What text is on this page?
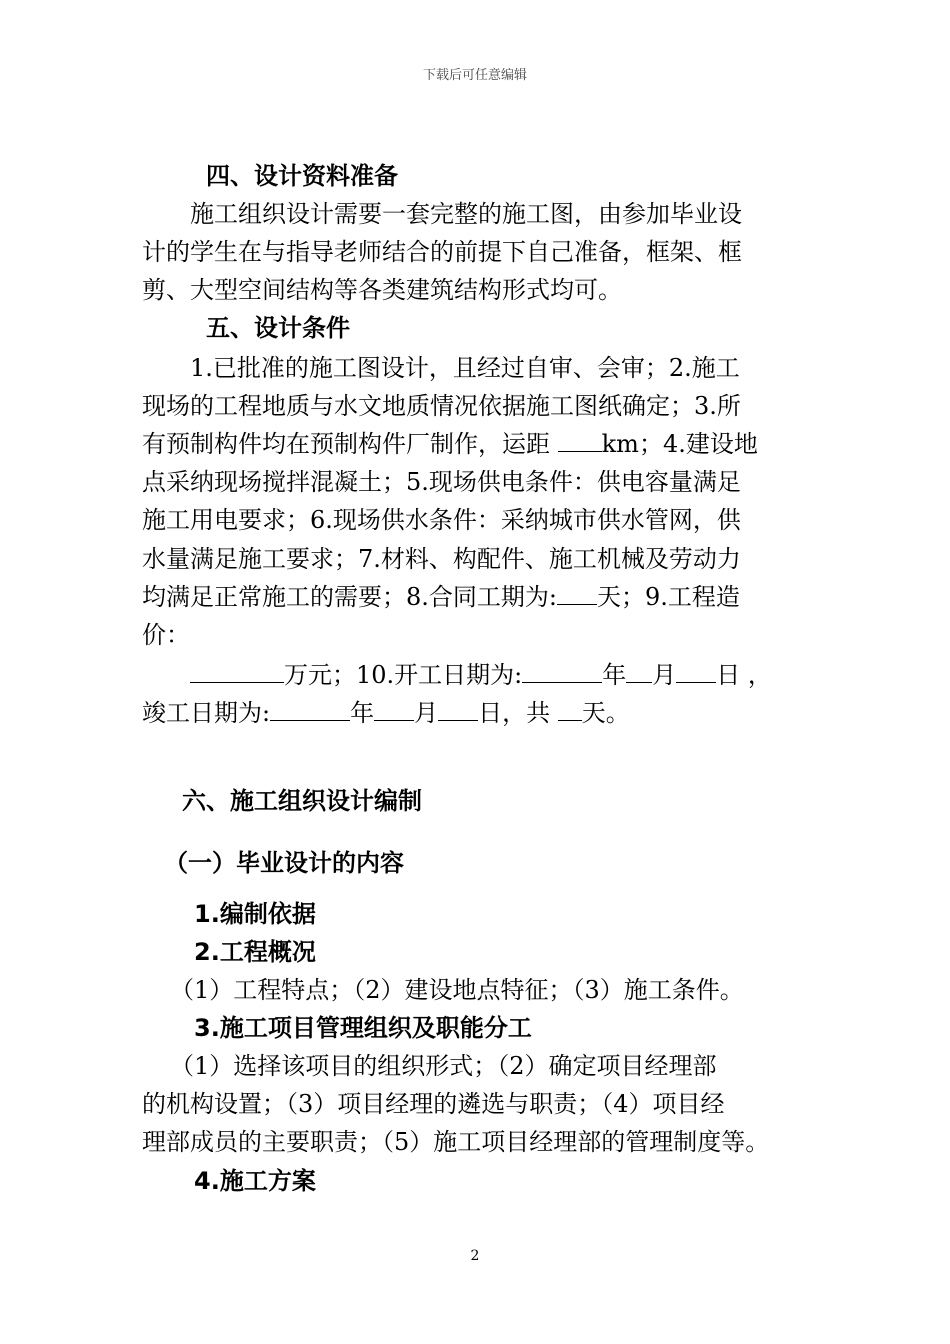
下载后可任意编辑
四、设计资料准备
施工组织设计需要一套完整的施工图，由参加毕业设
计的学生在与指导老师结合的前提下自己准备，框架、框
剪、大型空间结构等各类建筑结构形式均可。
五、设计条件
1.已批准的施工图设计，且经过自审、会审；2.施工
现场的工程地质与水文地质情况依据施工图纸确定；3.所
有预制构件均在预制构件厂制作，运距 km；4.建设地
点采纳现场搅拌混凝土；5.现场供电条件：供电容量满足
施工用电要求；6.现场供水条件：采纳城市供水管网，供
水量满足施工要求；7.材料、构配件、施工机械及劳动力
均满足正常施工的需要；8.合同工期为: 天；9.工程造
价：
万元；10.开工日期为:	年 月 日 ，
竣工日期为:	年 月 日，共 天。
六、施工组织设计编制
（一）毕业设计的内容
1.编制依据
2.工程概况
（1）工程特点；（2）建设地点特征；（3）施工条件。
3.施工项目管理组织及职能分工
（1）选择该项目的组织形式；（2）确定项目经理部
的机构设置；（3）项目经理的遴选与职责；（4）项目经
理部成员的主要职责；（5）施工项目经理部的管理制度等。
4.施工方案
2
